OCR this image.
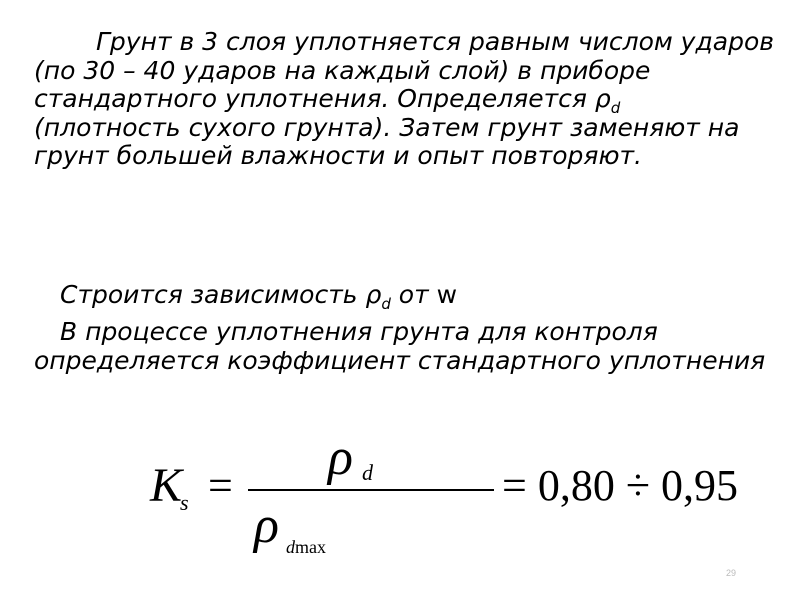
Грунт в 3 слоя уплотняется равным числом ударов (по 30 – 40 ударов на каждый слой) в приборе стандартного уплотнения. Определяется $\rho_d$ (плотность сухого грунта). Затем грунт заменяют на грунт большей влажности и опыт повторяют.

Строится зависимость $\rho_d$ от w

В процессе уплотнения грунта для контроля определяется коэффициент стандартного уплотнения

K
s = ρ d
ρ dmax
= 0,80 ÷ 0,95
29
